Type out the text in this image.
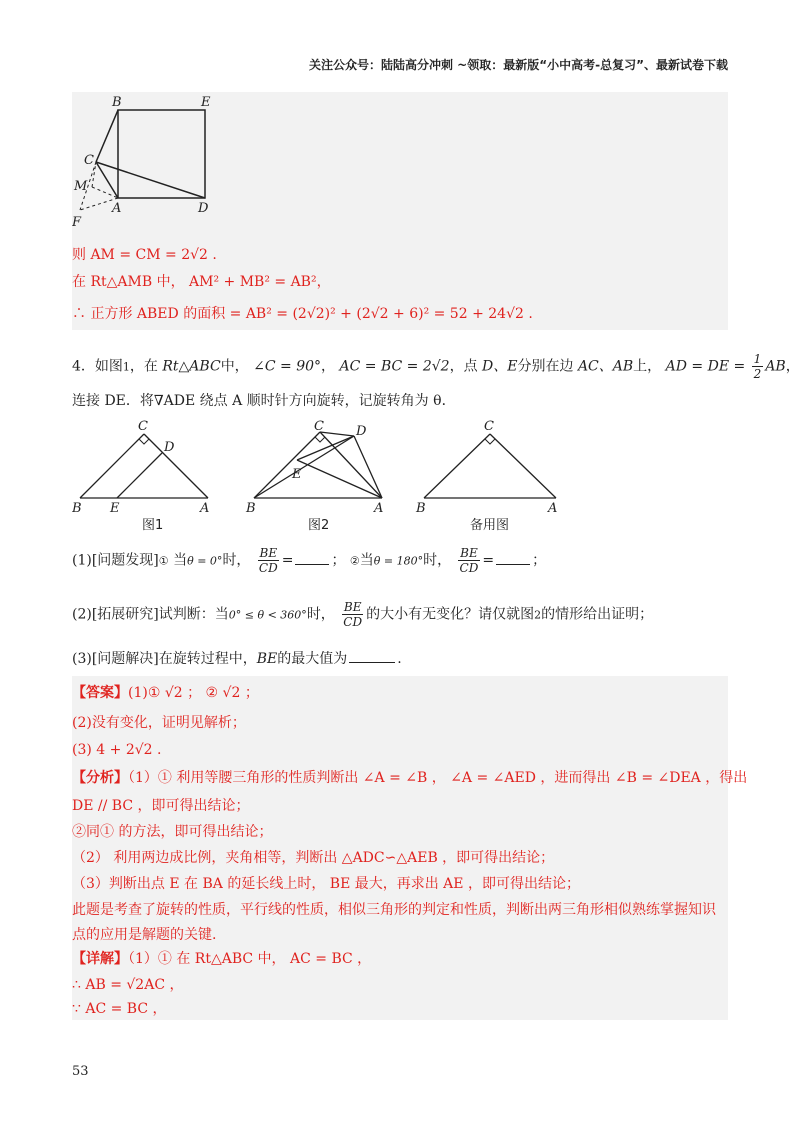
关注公众号：陆陆高分冲刺 ~领取：最新版“小中高考-总复习”、最新试卷下载
B	E
C
M
A	D
F
则 AM = CM = 2√2 .
在 Rt△AMB 中， AM² + MB² = AB²，
∴ 正方形 ABED 的面积 = AB² = (2√2)² + (2√2 + 6)² = 52 + 24√2 .
4．如图1，在 Rt△ABC中， ∠C = 90°， AC = BC = 2√2，点 D、E分别在边 AC、AB上， AD = DE = $\frac{1}{2}$ AB，
连接 DE．将∇ADE 绕点 A 顺时针方向旋转，记旋转角为 θ．
C
D
B E	A
图1
C D
E
B	A
图2
C
B	A
备用图
(1)[问题发现]① 当θ = 0°时， $\frac{BE}{CD}$ =	； ②当θ = 180°时， $\frac{BE}{CD}$ =	；
(2)[拓展研究]试判断：当0° ≤ θ < 360°时， $\frac{BE}{CD}$ 的大小有无变化？请仅就图2的情形给出证明；
(3)[问题解决]在旋转过程中，BE的最大值为	.
【答案】(1)① √2 ； ② √2 ；
(2)没有变化，证明见解析；
(3) 4 + 2√2 .
【分析】（1）① 利用等腰三角形的性质判断出 ∠A = ∠B ， ∠A = ∠AED ，进而得出 ∠B = ∠DEA ，得出
DE // BC ，即可得出结论；
②同① 的方法，即可得出结论；
（2） 利用两边成比例，夹角相等，判断出 △ADC∽△AEB ，即可得出结论；
（3）判断出点 E 在 BA 的延长线上时， BE 最大，再求出 AE ，即可得出结论；
此题是考查了旋转的性质，平行线的性质，相似三角形的判定和性质，判断出两三角形相似熟练掌握知识
点的应用是解题的关键.
【详解】（1）① 在 Rt△ABC 中， AC = BC ，
∴ AB = √2AC ，
∵ AC = BC ，
53
